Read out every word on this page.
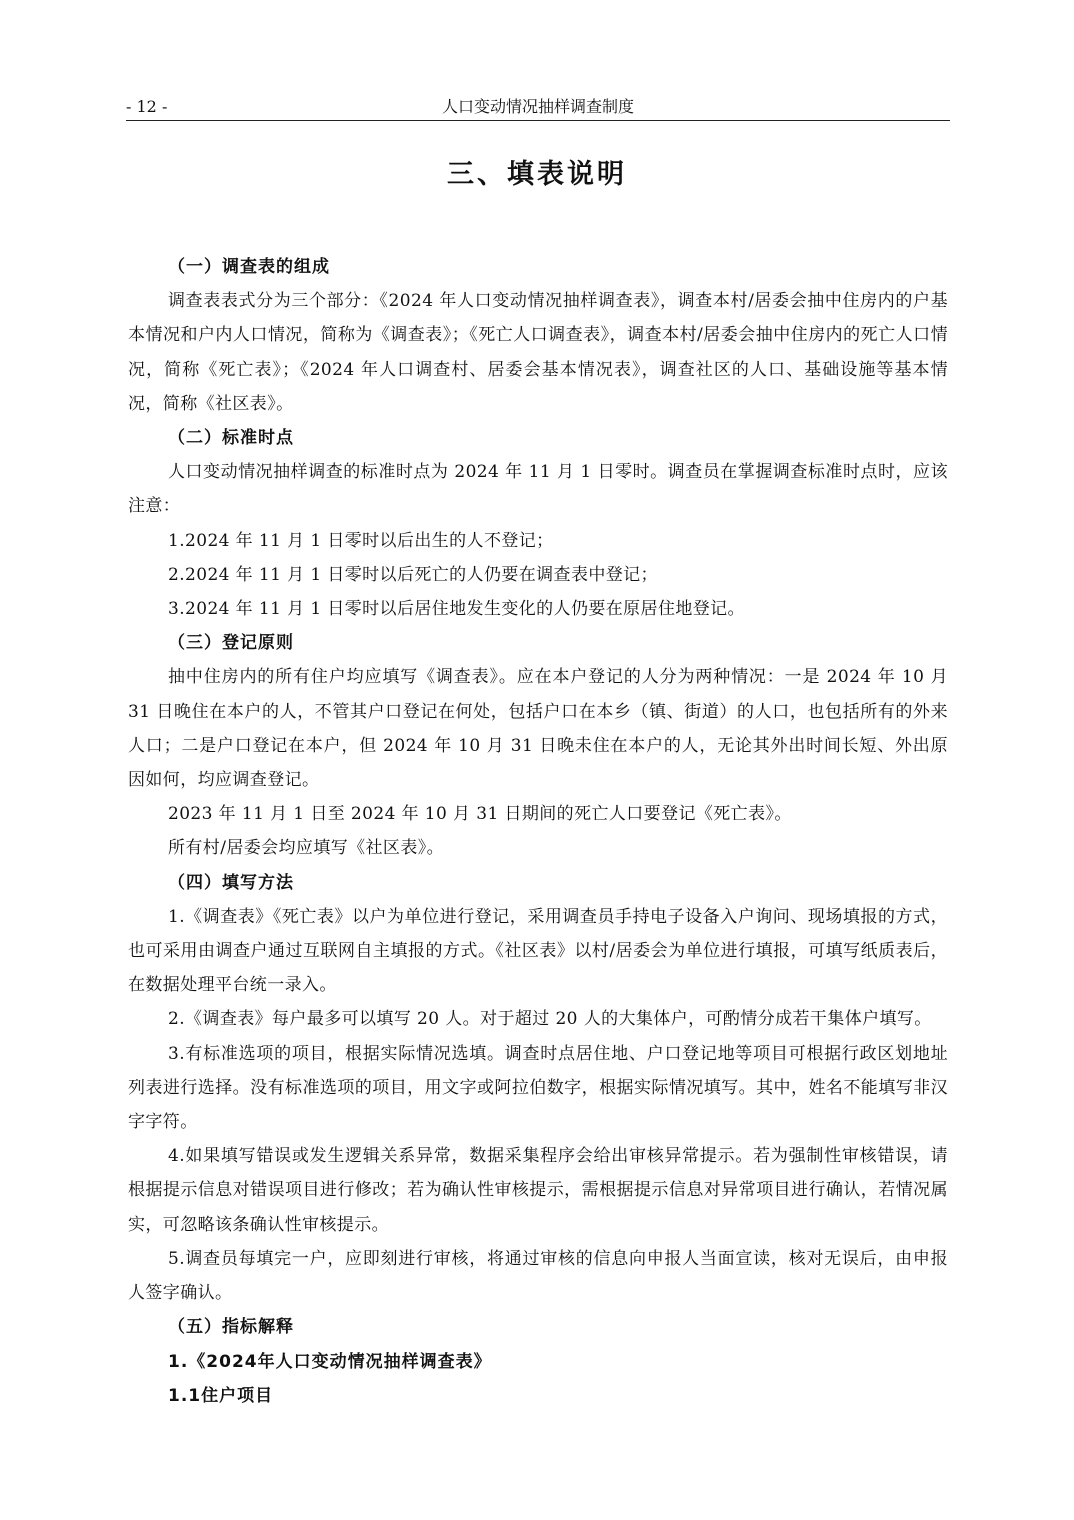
- 12 -	人口变动情况抽样调查制度
三、填表说明

（一）调查表的组成

调查表表式分为三个部分：《2024 年人口变动情况抽样调查表》，调查本村/居委会抽中住房内的户基本情况和户内人口情况，简称为《调查表》；《死亡人口调查表》，调查本村/居委会抽中住房内的死亡人口情况，简称《死亡表》；《2024 年人口调查村、居委会基本情况表》，调查社区的人口、基础设施等基本情况，简称《社区表》。

（二）标准时点

人口变动情况抽样调查的标准时点为 2024 年 11 月 1 日零时。调查员在掌握调查标准时点时，应该注意：

1.2024 年 11 月 1 日零时以后出生的人不登记；

2.2024 年 11 月 1 日零时以后死亡的人仍要在调查表中登记；

3.2024 年 11 月 1 日零时以后居住地发生变化的人仍要在原居住地登记。

（三）登记原则

抽中住房内的所有住户均应填写《调查表》。应在本户登记的人分为两种情况：一是 2024 年 10 月 31 日晚住在本户的人，不管其户口登记在何处，包括户口在本乡（镇、街道）的人口，也包括所有的外来人口；二是户口登记在本户，但 2024 年 10 月 31 日晚未住在本户的人，无论其外出时间长短、外出原因如何，均应调查登记。

2023 年 11 月 1 日至 2024 年 10 月 31 日期间的死亡人口要登记《死亡表》。

所有村/居委会均应填写《社区表》。

（四）填写方法

1.《调查表》《死亡表》以户为单位进行登记，采用调查员手持电子设备入户询问、现场填报的方式，也可采用由调查户通过互联网自主填报的方式。《社区表》以村/居委会为单位进行填报，可填写纸质表后，在数据处理平台统一录入。

2.《调查表》每户最多可以填写 20 人。对于超过 20 人的大集体户，可酌情分成若干集体户填写。

3.有标准选项的项目，根据实际情况选填。调查时点居住地、户口登记地等项目可根据行政区划地址列表进行选择。没有标准选项的项目，用文字或阿拉伯数字，根据实际情况填写。其中，姓名不能填写非汉字字符。

4.如果填写错误或发生逻辑关系异常，数据采集程序会给出审核异常提示。若为强制性审核错误，请根据提示信息对错误项目进行修改；若为确认性审核提示，需根据提示信息对异常项目进行确认，若情况属实，可忽略该条确认性审核提示。

5.调查员每填完一户，应即刻进行审核，将通过审核的信息向申报人当面宣读，核对无误后，由申报人签字确认。

（五）指标解释

1.《2024年人口变动情况抽样调查表》

1.1住户项目
